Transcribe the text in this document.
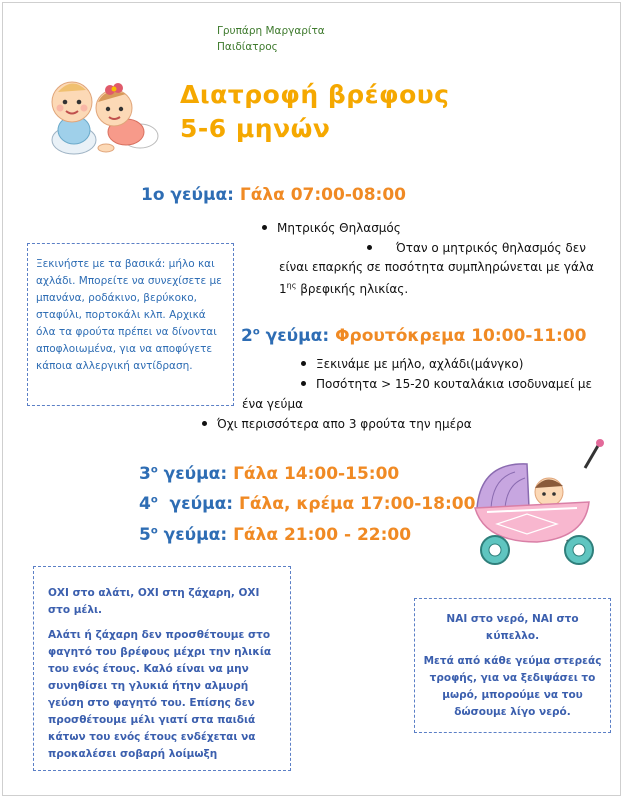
Γρυπάρη Μαργαρίτα
Παιδίατρος
Διατροφή βρέφους
5-6 μηνών
1ο γεύμα: Γάλα 07:00-08:00
Μητρικός Θηλασμός
Όταν ο μητρικός θηλασμός δεν
είναι επαρκής σε ποσότητα συμπληρώνεται με γάλα
$1^{\eta\varsigma}$ βρεφικής ηλικίας.
Ξεκινήστε με τα βασικά: μήλο και αχλάδι. Μπορείτε να συνεχίσετε με μπανάνα, ροδάκινο, βερύκοκο, σταφύλι, πορτοκάλι κλπ. Αρχικά όλα τα φρούτα πρέπει να δίνονται αποφλοιωμένα, για να αποφύγετε κάποια αλλεργική αντίδραση.
$2^o$ γεύμα: Φρουτόκρεμα 10:00-11:00
Ξεκινάμε με μήλο, αχλάδι(μάνγκο)
Ποσότητα > 15-20 κουταλάκια ισοδυναμεί με
ένα γεύμα
Όχι περισσότερα απο 3 φρούτα την ημέρα
$3^o$ γεύμα: Γάλα 14:00-15:00
$4^o$  γεύμα: Γάλα, κρέμα 17:00-18:00
$5^o$ γεύμα: Γάλα 21:00 - 22:00

ΟΧΙ στο αλάτι, ΟΧΙ στη ζάχαρη, ΟΧΙ στο μέλι.

Αλάτι ή ζάχαρη δεν προσθέτουμε στο φαγητό του βρέφους μέχρι την ηλικία του ενός έτους. Καλό είναι να μην συνηθίσει τη γλυκιά ήτην αλμυρή γεύση στο φαγητό του. Επίσης δεν προσθέτουμε μέλι γιατί στα παιδιά κάτων του ενός έτους ενδέχεται να προκαλέσει σοβαρή λοίμωξη

ΝΑΙ στο νερό, ΝΑΙ στο κύπελλο.

Μετά από κάθε γεύμα στερεάς τροφής, για να ξεδιψάσει το μωρό, μπορούμε να του δώσουμε λίγο νερό.
